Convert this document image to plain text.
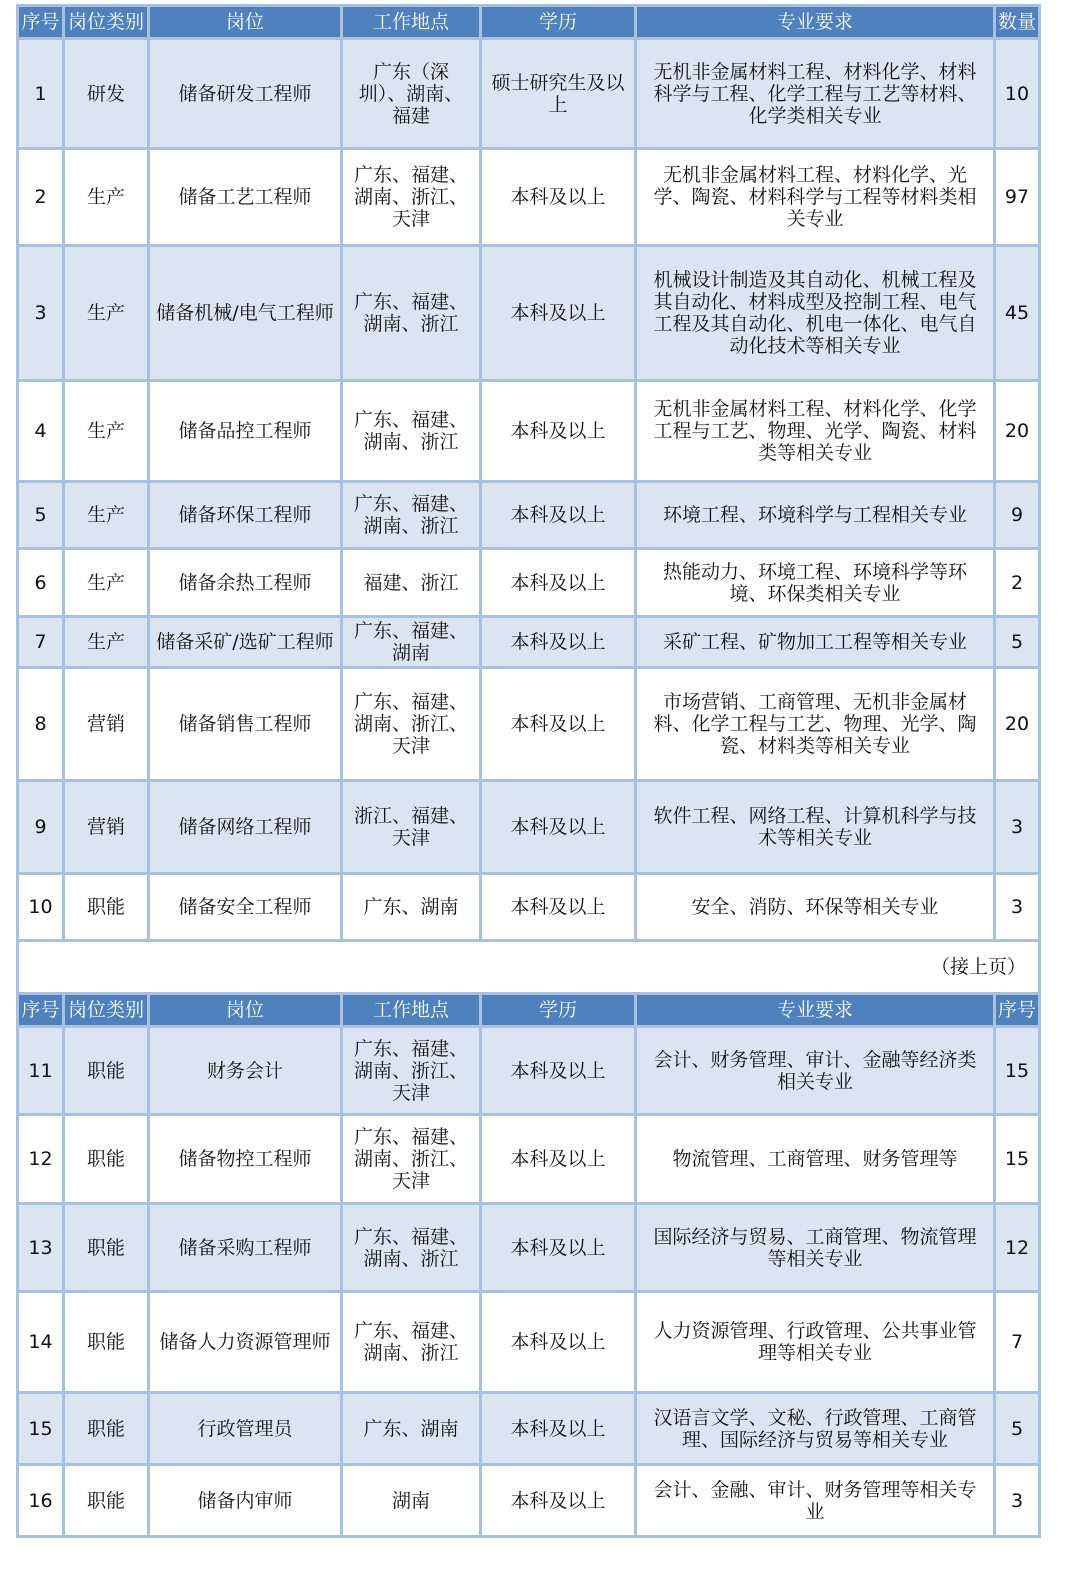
序号	岗位类别	岗位	工作地点	学历	专业要求	数量
1	研发	储备研发工程师	广东（深
圳）、湖南、
福建	硕士研究生及以
上	无机非金属材料工程、材料化学、材料
科学与工程、化学工程与工艺等材料、
化学类相关专业	10
2	生产	储备工艺工程师	广东、福建、
湖南、浙江、
天津	本科及以上	无机非金属材料工程、材料化学、光
学、陶瓷、材料科学与工程等材料类相
关专业	97
3	生产	储备机械/电气工程师	广东、福建、
湖南、浙江	本科及以上	机械设计制造及其自动化、机械工程及
其自动化、材料成型及控制工程、电气
工程及其自动化、机电一体化、电气自
动化技术等相关专业	45
4	生产	储备品控工程师	广东、福建、
湖南、浙江	本科及以上	无机非金属材料工程、材料化学、化学
工程与工艺、物理、光学、陶瓷、材料
类等相关专业	20
5	生产	储备环保工程师	广东、福建、
湖南、浙江	本科及以上	环境工程、环境科学与工程相关专业	9
6	生产	储备余热工程师	福建、浙江	本科及以上	热能动力、环境工程、环境科学等环
境、环保类相关专业	2
7	生产	储备采矿/选矿工程师	广东、福建、
湖南	本科及以上	采矿工程、矿物加工工程等相关专业	5
8	营销	储备销售工程师	广东、福建、
湖南、浙江、
天津	本科及以上	市场营销、工商管理、无机非金属材
料、化学工程与工艺、物理、光学、陶
瓷、材料类等相关专业	20
9	营销	储备网络工程师	浙江、福建、
天津	本科及以上	软件工程、网络工程、计算机科学与技
术等相关专业	3
10	职能	储备安全工程师	广东、湖南	本科及以上	安全、消防、环保等相关专业	3
（接上页）						
序号	岗位类别	岗位	工作地点	学历	专业要求	序号
11	职能	财务会计	广东、福建、
湖南、浙江、
天津	本科及以上	会计、财务管理、审计、金融等经济类
相关专业	15
12	职能	储备物控工程师	广东、福建、
湖南、浙江、
天津	本科及以上	物流管理、工商管理、财务管理等	15
13	职能	储备采购工程师	广东、福建、
湖南、浙江	本科及以上	国际经济与贸易、工商管理、物流管理
等相关专业	12
14	职能	储备人力资源管理师	广东、福建、
湖南、浙江	本科及以上	人力资源管理、行政管理、公共事业管
理等相关专业	7
15	职能	行政管理员	广东、湖南	本科及以上	汉语言文学、文秘、行政管理、工商管
理、国际经济与贸易等相关专业	5
16	职能	储备内审师	湖南	本科及以上	会计、金融、审计、财务管理等相关专
业	3
